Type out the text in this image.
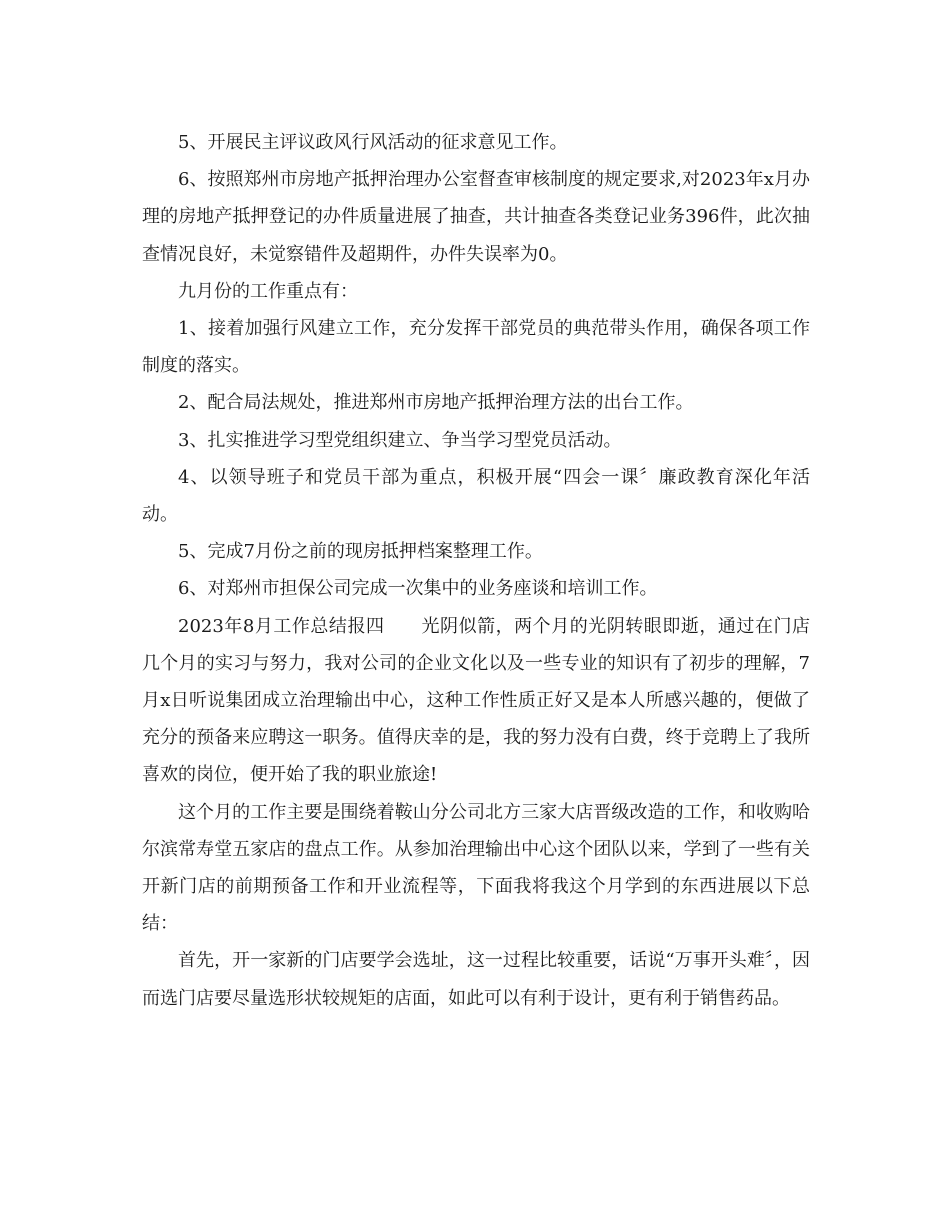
5、开展民主评议政风行风活动的征求意见工作。

6、按照郑州市房地产抵押治理办公室督查审核制度的规定要求,对2023年x月办理的房地产抵押登记的办件质量进展了抽查，共计抽查各类登记业务396件，此次抽查情况良好，未觉察错件及超期件，办件失误率为0。

九月份的工作重点有：

1、接着加强行风建立工作，充分发挥干部党员的典范带头作用，确保各项工作制度的落实。

2、配合局法规处，推进郑州市房地产抵押治理方法的出台工作。

3、扎实推进学习型党组织建立、争当学习型党员活动。

4、以领导班子和党员干部为重点，积极开展“四会一课〞廉政教育深化年活动。

5、完成7月份之前的现房抵押档案整理工作。

6、对郑州市担保公司完成一次集中的业务座谈和培训工作。

2023年8月工作总结报四　　光阴似箭，两个月的光阴转眼即逝，通过在门店几个月的实习与努力，我对公司的企业文化以及一些专业的知识有了初步的理解，7月x日听说集团成立治理输出中心，这种工作性质正好又是本人所感兴趣的，便做了充分的预备来应聘这一职务。值得庆幸的是，我的努力没有白费，终于竞聘上了我所喜欢的岗位，便开始了我的职业旅途!

这个月的工作主要是围绕着鞍山分公司北方三家大店晋级改造的工作，和收购哈尔滨常寿堂五家店的盘点工作。从参加治理输出中心这个团队以来，学到了一些有关开新门店的前期预备工作和开业流程等，下面我将我这个月学到的东西进展以下总结：

首先，开一家新的门店要学会选址，这一过程比较重要，话说“万事开头难〞，因而选门店要尽量选形状较规矩的店面，如此可以有利于设计，更有利于销售药品。
